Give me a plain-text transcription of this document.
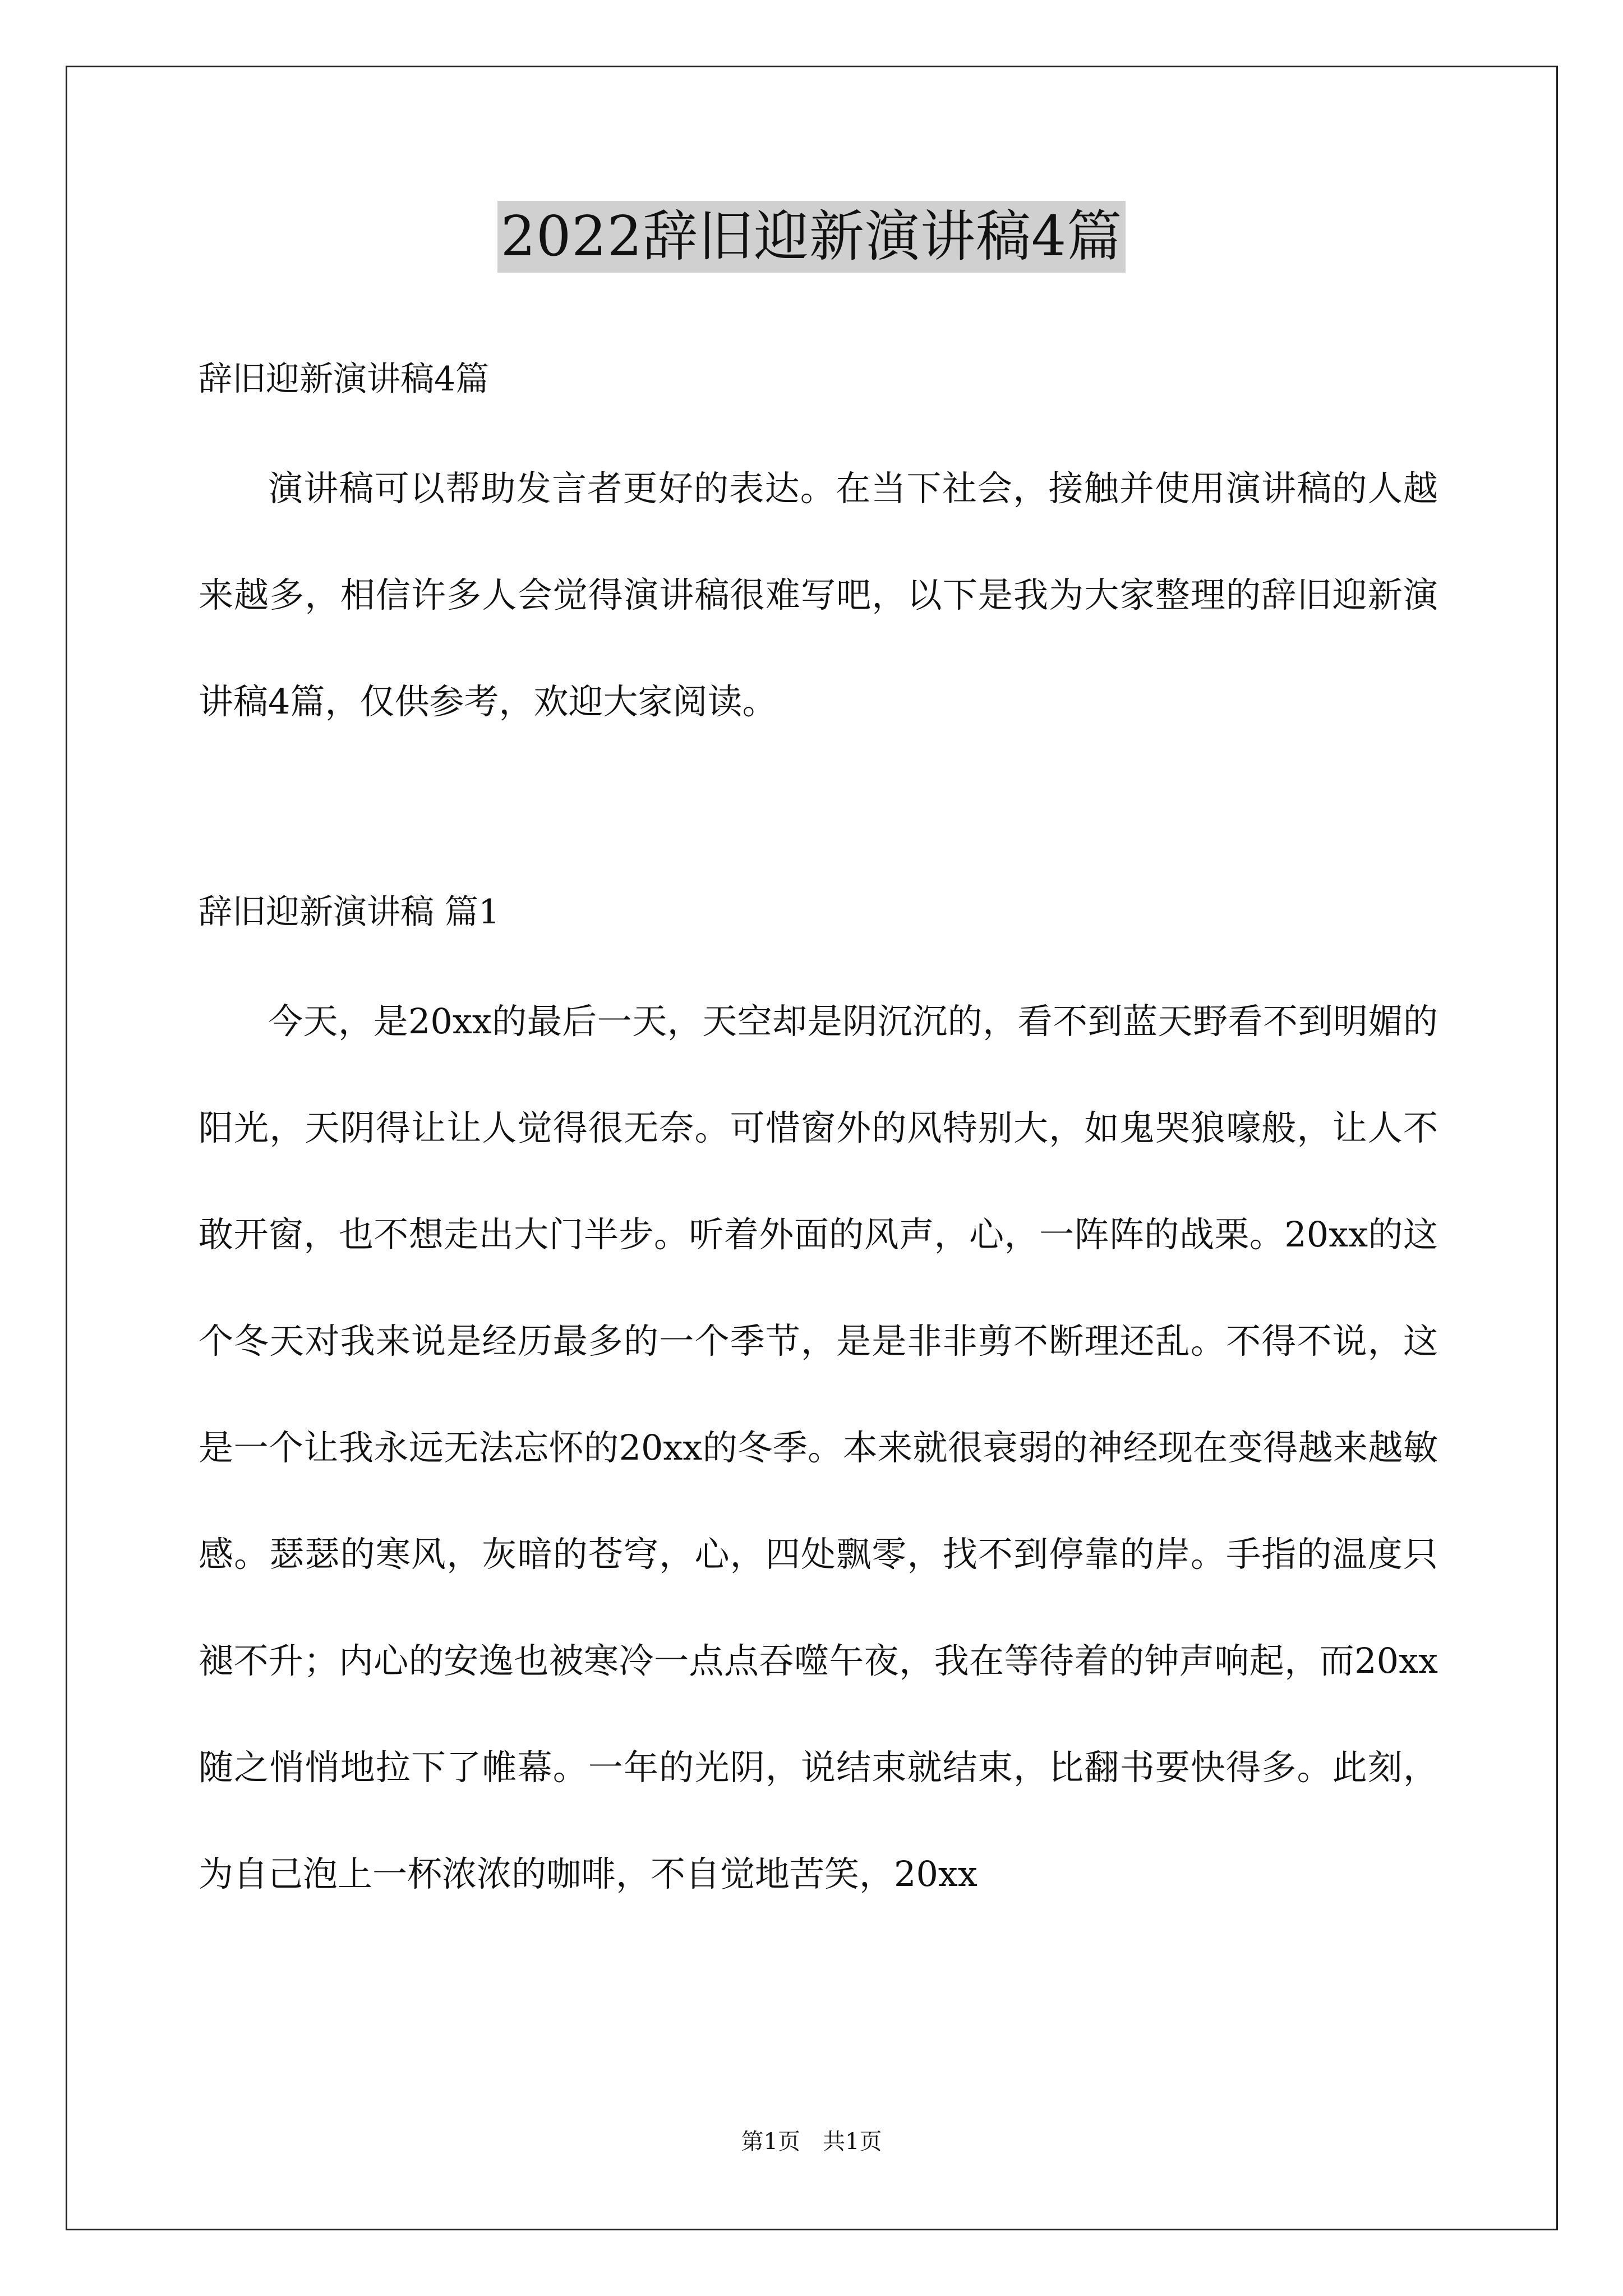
2022辞旧迎新演讲稿4篇
辞旧迎新演讲稿4篇

演讲稿可以帮助发言者更好的表达。在当下社会，接触并使用演讲稿的人越来越多，相信许多人会觉得演讲稿很难写吧，以下是我为大家整理的辞旧迎新演讲稿4篇，仅供参考，欢迎大家阅读。

辞旧迎新演讲稿 篇1

今天，是20xx的最后一天，天空却是阴沉沉的，看不到蓝天野看不到明媚的阳光，天阴得让让人觉得很无奈。可惜窗外的风特别大，如鬼哭狼嚎般，让人不敢开窗，也不想走出大门半步。听着外面的风声，心，一阵阵的战栗。20xx的这个冬天对我来说是经历最多的一个季节，是是非非剪不断理还乱。不得不说，这是一个让我永远无法忘怀的20xx的冬季。本来就很衰弱的神经现在变得越来越敏感。瑟瑟的寒风，灰暗的苍穹，心，四处飘零，找不到停靠的岸。手指的温度只褪不升；内心的安逸也被寒冷一点点吞噬午夜，我在等待着的钟声响起，而20xx随之悄悄地拉下了帷幕。一年的光阴，说结束就结束，比翻书要快得多。此刻，为自己泡上一杯浓浓的咖啡，不自觉地苦笑，20xx

第1页　共1页
